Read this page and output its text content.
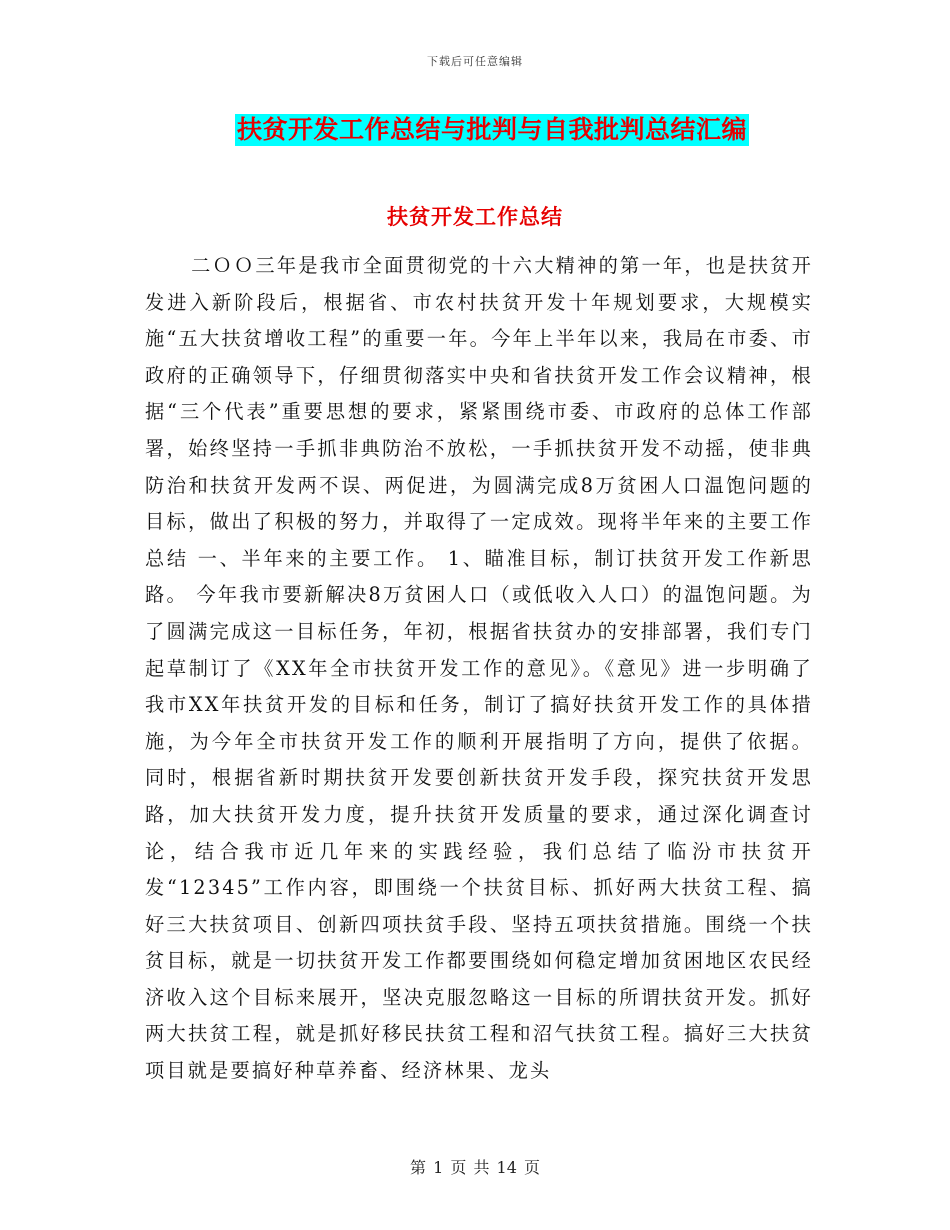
下载后可任意编辑
扶贫开发工作总结与批判与自我批判总结汇编
扶贫开发工作总结

二ＯＯ三年是我市全面贯彻党的十六大精神的第一年，也是扶贫开发进入新阶段后，根据省、市农村扶贫开发十年规划要求，大规模实施“五大扶贫增收工程”的重要一年。今年上半年以来，我局在市委、市政府的正确领导下，仔细贯彻落实中央和省扶贫开发工作会议精神，根据“三个代表”重要思想的要求，紧紧围绕市委、市政府的总体工作部署，始终坚持一手抓非典防治不放松，一手抓扶贫开发不动摇，使非典防治和扶贫开发两不误、两促进，为圆满完成8万贫困人口温饱问题的目标，做出了积极的努力，并取得了一定成效。现将半年来的主要工作总结 一、半年来的主要工作。 1、瞄准目标，制订扶贫开发工作新思路。 今年我市要新解决8万贫困人口（或低收入人口）的温饱问题。为了圆满完成这一目标任务，年初，根据省扶贫办的安排部署，我们专门起草制订了《XX年全市扶贫开发工作的意见》。《意见》进一步明确了我市XX年扶贫开发的目标和任务，制订了搞好扶贫开发工作的具体措施，为今年全市扶贫开发工作的顺利开展指明了方向，提供了依据。 同时，根据省新时期扶贫开发要创新扶贫开发手段，探究扶贫开发思路，加大扶贫开发力度，提升扶贫开发质量的要求，通过深化调查讨论，结合我市近几年来的实践经验，我们总结了临汾市扶贫开发“12345”工作内容，即围绕一个扶贫目标、抓好两大扶贫工程、搞好三大扶贫项目、创新四项扶贫手段、坚持五项扶贫措施。围绕一个扶贫目标，就是一切扶贫开发工作都要围绕如何稳定增加贫困地区农民经济收入这个目标来展开，坚决克服忽略这一目标的所谓扶贫开发。抓好两大扶贫工程，就是抓好移民扶贫工程和沼气扶贫工程。搞好三大扶贫项目就是要搞好种草养畜、经济林果、龙头

第 1 页 共 14 页
